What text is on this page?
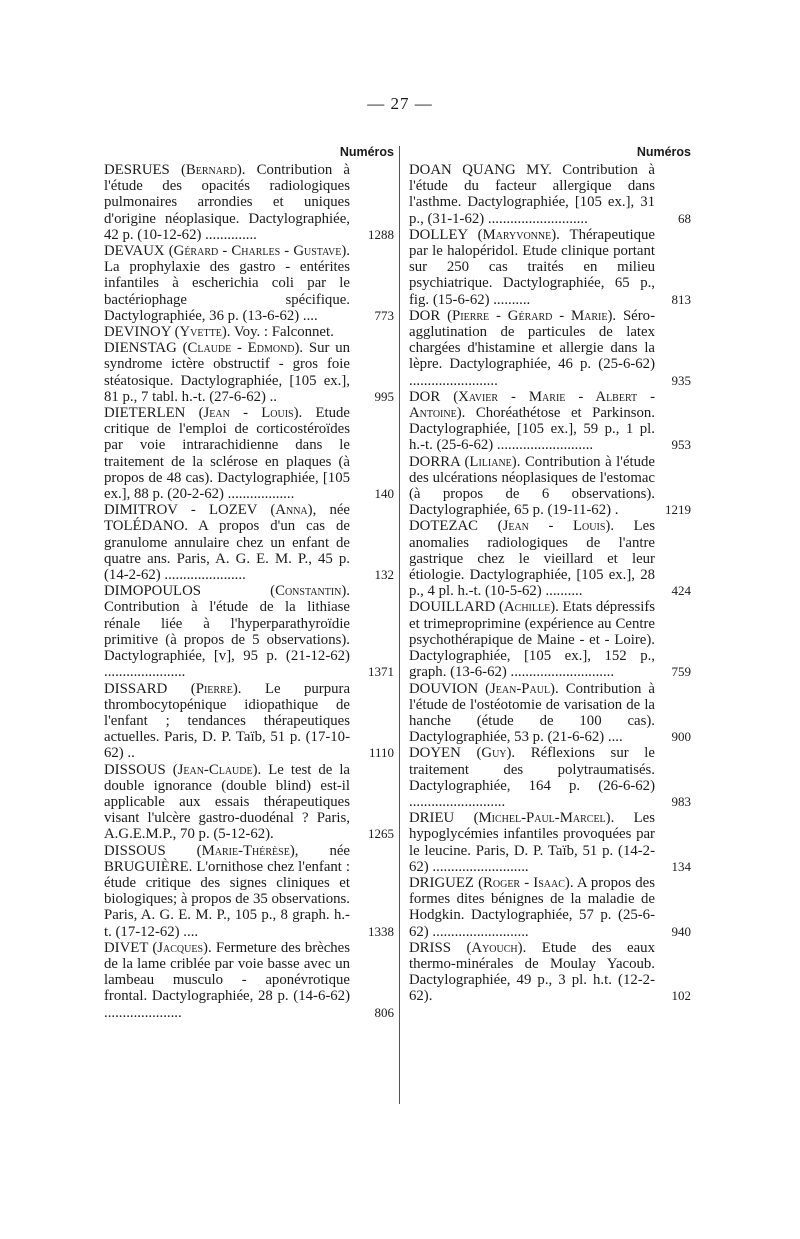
— 27 —
Numéros
DESRUES (Bernard). Contribution à l'étude des opacités radiologiques pulmonaires arrondies et uniques d'origine néoplasique. Dactylographiée, 42 p. (10-12-62) ..............	1288
DEVAUX (Gérard - Charles - Gustave). La prophylaxie des gastro - entérites infantiles à escherichia coli par le bactériophage spécifique. Dactylographiée, 36 p. (13-6-62) ....	773
DEVINOY (Yvette). Voy. : Falconnet.
DIENSTAG (Claude - Edmond). Sur un syndrome ictère obstructif - gros foie stéatosique. Dactylographiée, [105 ex.], 81 p., 7 tabl. h.-t. (27-6-62) ..	995
DIETERLEN (Jean - Louis). Etude critique de l'emploi de corticostéroïdes par voie intrarachidienne dans le traitement de la sclérose en plaques (à propos de 48 cas). Dactylographiée, [105 ex.], 88 p. (20-2-62) ..................	140
DIMITROV - LOZEV (Anna), née TOLÉDANO. A propos d'un cas de granulome annulaire chez un enfant de quatre ans. Paris, A. G. E. M. P., 45 p. (14-2-62) ......................	132
DIMOPOULOS	(Constantin). Contribution à l'étude de la lithiase rénale liée à l'hyperparathyroïdie primitive (à propos de 5 observations). Dactylographiée, [v], 95 p. (21-12-62) ......................	1371
DISSARD (Pierre). Le purpura thrombocytopénique idiopathique de l'enfant ; tendances thérapeutiques actuelles. Paris, D. P. Taïb, 51 p. (17-10-62) ..	1110
DISSOUS (Jean-Claude). Le test de la double ignorance (double blind) est-il applicable aux essais thérapeutiques visant l'ulcère gastro-duodénal ? Paris, A.G.E.M.P., 70 p. (5-12-62).	1265
DISSOUS (Marie-Thérèse), née BRUGUIÈRE. L'ornithose chez l'enfant : étude critique des signes cliniques et biologiques; à propos de 35 observations. Paris, A. G. E. M. P., 105 p., 8 graph. h.-t. (17-12-62) ....	1338
DIVET (Jacques). Fermeture des brèches de la lame criblée par voie basse avec un lambeau musculo - aponévrotique frontal. Dactylographiée, 28 p. (14-6-62) .....................	806
Numéros
DOAN QUANG MY. Contribution à l'étude du facteur allergique dans l'asthme. Dactylographiée, [105 ex.], 31 p., (31-1-62) ...........................	68
DOLLEY (Maryvonne). Thérapeutique par le halopéridol. Etude clinique portant sur 250 cas traités en milieu psychiatrique. Dactylographiée, 65 p., fig. (15-6-62) ..........	813
DOR (Pierre - Gérard - Marie). Séro-agglutination de particules de latex chargées d'histamine et allergie dans la lèpre. Dactylographiée, 46 p. (25-6-62) ........................	935
DOR (Xavier - Marie - Albert - Antoine). Choréathétose et Parkinson. Dactylographiée, [105 ex.], 59 p., 1 pl. h.-t. (25-6-62) ..........................	953
DORRA (Liliane). Contribution à l'étude des ulcérations néoplasiques de l'estomac (à propos de 6 observations). Dactylographiée, 65 p. (19-11-62) .	1219
DOTEZAC (Jean - Louis). Les anomalies radiologiques de l'antre gastrique chez le vieillard et leur étiologie. Dactylographiée, [105 ex.], 28 p., 4 pl. h.-t. (10-5-62) ..........	424
DOUILLARD (Achille). Etats dépressifs et trimeproprimine (expérience au Centre psychothérapique de Maine - et - Loire). Dactylographiée, [105 ex.], 152 p., graph. (13-6-62) ............................	759
DOUVION (Jean-Paul). Contribution à l'étude de l'ostéotomie de varisation de la hanche (étude de 100 cas). Dactylographiée, 53 p. (21-6-62) ....	900
DOYEN (Guy). Réflexions sur le traitement des polytraumatisés. Dactylographiée, 164 p. (26-6-62) ..........................	983
DRIEU (Michel-Paul-Marcel). Les hypoglycémies infantiles provoquées par le leucine. Paris, D. P. Taïb, 51 p. (14-2-62) ..........................	134
DRIGUEZ (Roger - Isaac). A propos des formes dites bénignes de la maladie de Hodgkin. Dactylographiée, 57 p. (25-6-62) ..........................	940
DRISS (Ayouch). Etude des eaux thermo-minérales de Moulay Yacoub. Dactylographiée, 49 p., 3 pl. h.t. (12-2-62).	102
